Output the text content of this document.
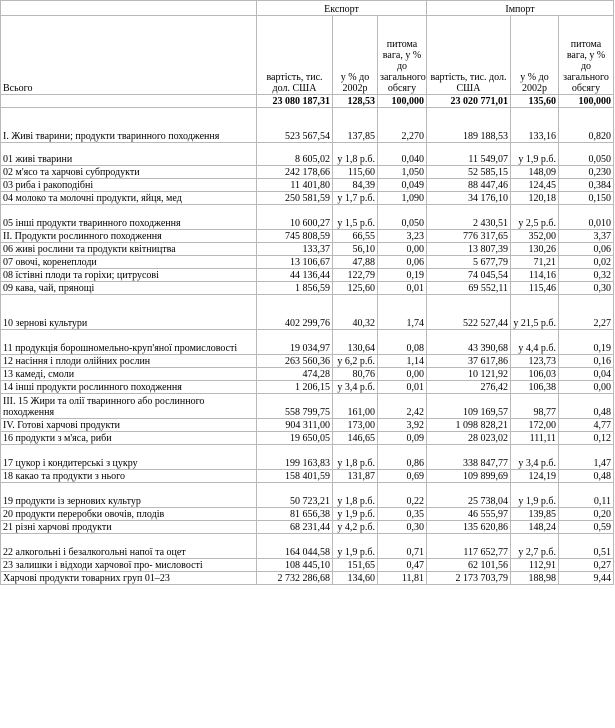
	Експорт			Імпорт		
Всього	вартість, тис. дол. США	у % до 2002р	питома вага, у % до загального обсягу	вартість, тис. дол. США	у % до 2002р	питома вага, у % до загального обсягу
	23 080 187,31	128,53	100,000	23 020 771,01	135,60	100,000
І. Живі тварини; продукти тваринного походження	523 567,54	137,85	2,270	189 188,53	133,16	0,820
01 живі тварини	8 605,02	у 1,8 р.б.	0,040	11 549,07	у 1,9 р.б.	0,050
02 м'ясо та харчові субпродукти	242 178,66	115,60	1,050	52 585,15	148,09	0,230
03 риба і ракоподібні	11 401,80	84,39	0,049	88 447,46	124,45	0,384
04 молоко та молочні продукти, яйця, мед	250 581,59	у 1,7 р.б.	1,090	34 176,10	120,18	0,150
05 інші продукти тваринного походження	10 600,27	у 1,5 р.б.	0,050	2 430,51	у 2,5 р.б.	0,010
ІІ. Продукти рослинного походження	745 808,59	66,55	3,23	776 317,65	352,00	3,37
06 живі рослини та продукти квітництва	133,37	56,10	0,00	13 807,39	130,26	0,06
07 овочі, коренеплоди	13 106,67	47,88	0,06	5 677,79	71,21	0,02
08 їстівні плоди та горіхи; цитрусові	44 136,44	122,79	0,19	74 045,54	114,16	0,32
09 кава, чай, прянощі	1 856,59	125,60	0,01	69 552,11	115,46	0,30
10 зернові культури	402 299,76	40,32	1,74	522 527,44	у 21,5 р.б.	2,27
11 продукція борошномельно-круп'яної промисловості	19 034,97	130,64	0,08	43 390,68	у 4,4 р.б.	0,19
12 насіння і плоди олійних рослин	263 560,36	у 6,2 р.б.	1,14	37 617,86	123,73	0,16
13 камеді, смоли	474,28	80,76	0,00	10 121,92	106,03	0,04
14 інші продукти рослинного походження	1 206,15	у 3,4 р.б.	0,01	276,42	106,38	0,00
ІІІ. 15 Жири та олії тваринного або рослинного походження	558 799,75	161,00	2,42	109 169,57	98,77	0,48
IV. Готові харчові продукти	904 311,00	173,00	3,92	1 098 828,21	172,00	4,77
16 продукти з м'яса, риби	19 650,05	146,65	0,09	28 023,02	111,11	0,12
17 цукор і кондитерські з цукру	199 163,83	у 1,8 р.б.	0,86	338 847,77	у 3,4 р.б.	1,47
18 какао та продукти з нього	158 401,59	131,87	0,69	109 899,69	124,19	0,48
19 продукти із зернових культур	50 723,21	у 1,8 р.б.	0,22	25 738,04	у 1,9 р.б.	0,11
20 продукти переробки овочів, плодів	81 656,38	у 1,9 р.б.	0,35	46 555,97	139,85	0,20
21 різні харчові продукти	68 231,44	у 4,2 р.б.	0,30	135 620,86	148,24	0,59
22 алкогольні і безалкогольні напої та оцет	164 044,58	у 1,9 р.б.	0,71	117 652,77	у 2,7 р.б.	0,51
23 залишки і відходи харчової про- мисловості	108 445,10	151,65	0,47	62 101,56	112,91	0,27
Харчові продукти товарних груп 01–23	2 732 286,68	134,60	11,81	2 173 703,79	188,98	9,44
